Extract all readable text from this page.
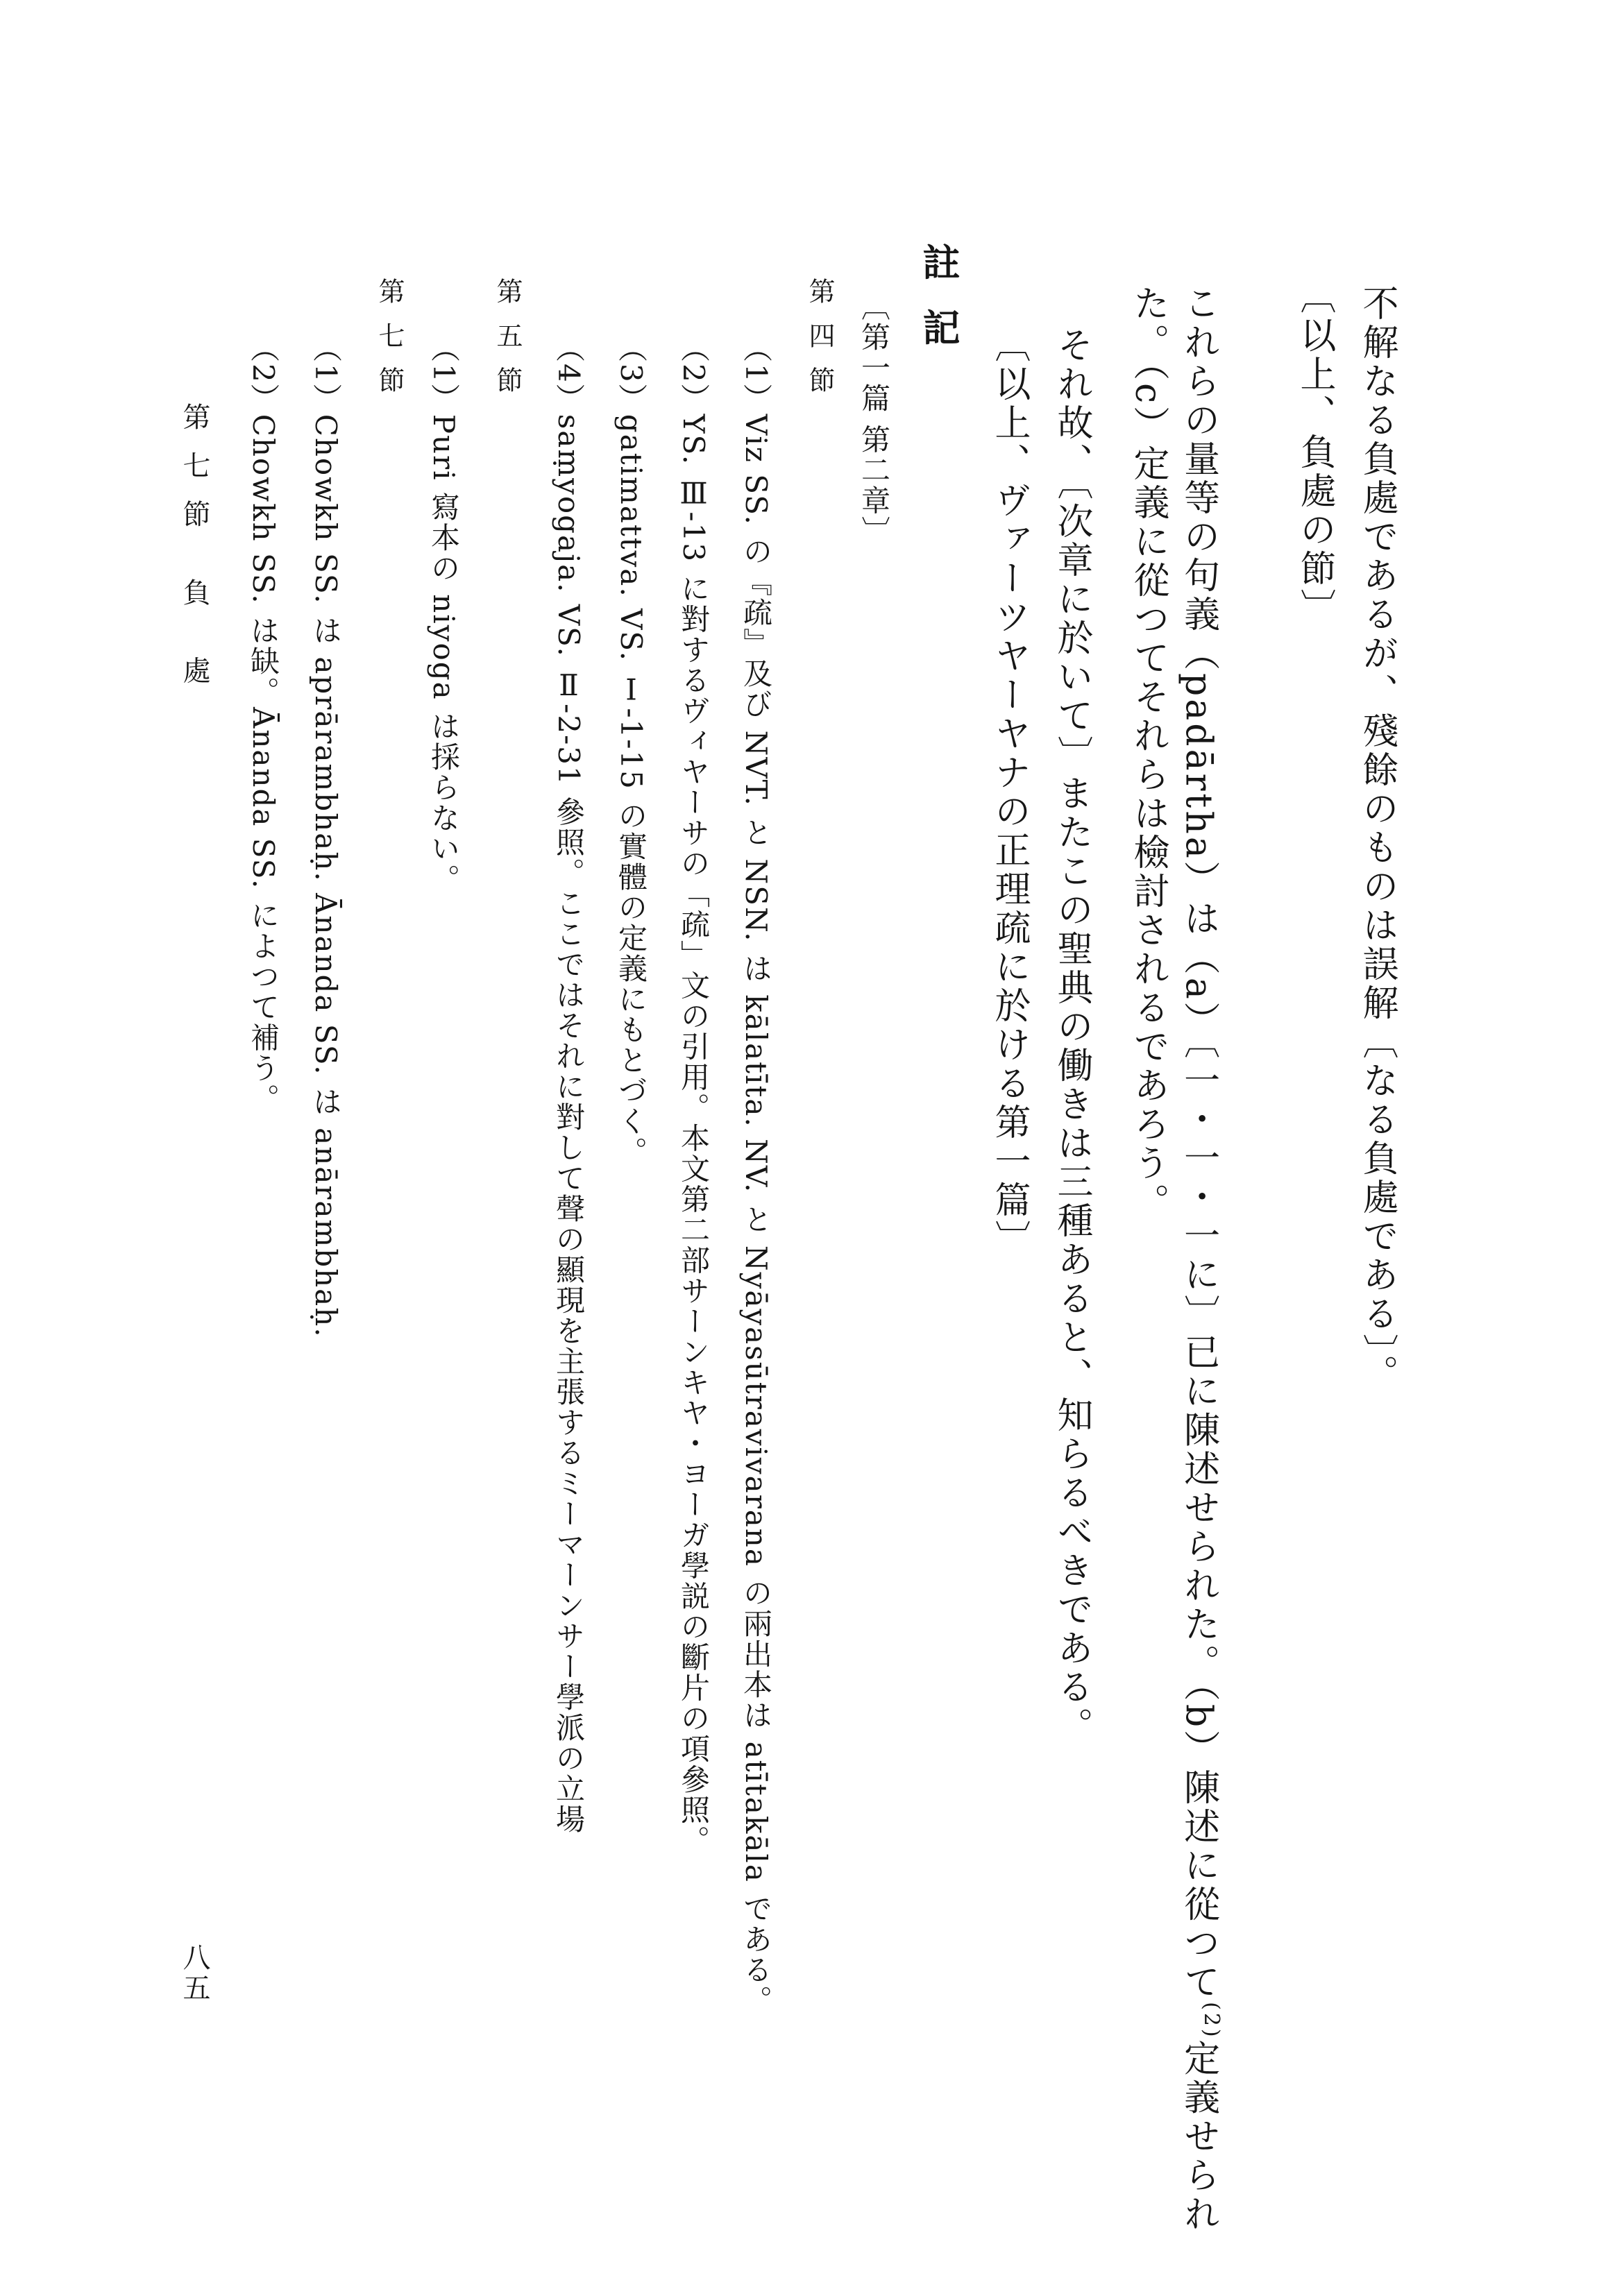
不解なる負處であるが、殘餘のものは誤解〔なる負處である〕。
〔以上、負處の節〕
これらの量等の句義（padārtha）は（a）〔一・一・一に〕已に陳述せられた。（b）陳述に從つて$^{(2)}$定義せられ
た。（c）定義に從つてそれらは檢討されるであろう。
それ故、〔次章に於いて〕またこの聖典の働きは三種あると、知らるべきである。
〔以上、ヴァーツヤーヤナの正理疏に於ける第一篇〕
註記
〔第一篇 第二章〕
第四節
（1）Viz SS. の『疏』及び NVT. と NSN. は kālatīta. NV. と Nyāyasūtravivarana の兩出本は atītakāla である。
（2）YS. Ⅲ-13 に對するヴィヤーサの「疏」文の引用。本文第二部サーンキヤ・ヨーガ學説の斷片の項參照。
（3）gatimattva. VS. Ⅰ-1-15 の實體の定義にもとづく。
（4）saṃyogaja. VS. Ⅱ-2-31 參照。ここではそれに對して聲の顯現を主張するミーマーンサー學派の立場
第五節
（1）Puri 寫本の niyoga は採らない。
第七節
（1）Chowkh SS. は aprārambhaḥ. Ānanda SS. は anārambhaḥ.
（2）Chowkh SS. は缺。Ānanda SS. によつて補う。
第七節 負 處
八五
